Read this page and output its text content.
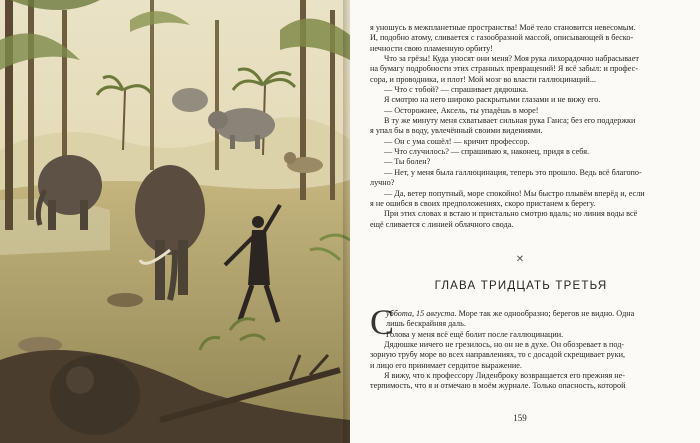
я уношусь в межпланетные пространства! Моё тело становится невесомым.
И, подобно атому, сливается с газообразной массой, описывающей в беско-
нечности свою пламенную орбиту!

Что за грёзы! Куда уносят они меня? Моя рука лихорадочно набрасывает
на бумагу подробности этих странных превращений! Я всё забыл: и профес-
сора, и проводника, и плот! Мой мозг во власти галлюцинаций...

— Что с тобой? — спрашивает дядюшка.

Я смотрю на него широко раскрытыми глазами и не вижу его.

— Осторожнее, Аксель, ты упадёшь в море!

В ту же минуту меня схватывает сильная рука Ганса; без его поддержки
я упал бы в воду, увлечённый своими видениями.

— Он с ума сошёл! — кричит профессор.

— Что случилось? — спрашиваю я, наконец, придя в себя.

— Ты болен?

— Нет, у меня была галлюцинация, теперь это прошло. Ведь всё благопо-
лучно?

— Да, ветер попутный, море спокойно! Мы быстро плывём вперёд и, если
я не ошибся в своих предположениях, скоро пристанем к берегу.

При этих словах я встаю и пристально смотрю вдаль; но линия воды всё
ещё сливается с линией облачного свода.

✕
ГЛАВА ТРИДЦАТЬ ТРЕТЬЯ
С

уббота, 15 августа. Море так же однообразно; берегов не видно. Одна
лишь бескрайняя даль.

Голова у меня всё ещё болит после галлюцинации.

Дядюшке ничего не грезилось, но он не в духе. Он обозревает в под-
зорную трубу море во всех направлениях, то с досадой скрещивает руки,
и лицо его принимает сердитое выражение.

Я вижу, что к профессору Лиденброку возвращается его прежняя не-
терпимость, что я и отмечаю в моём журнале. Только опасность, которой

159
